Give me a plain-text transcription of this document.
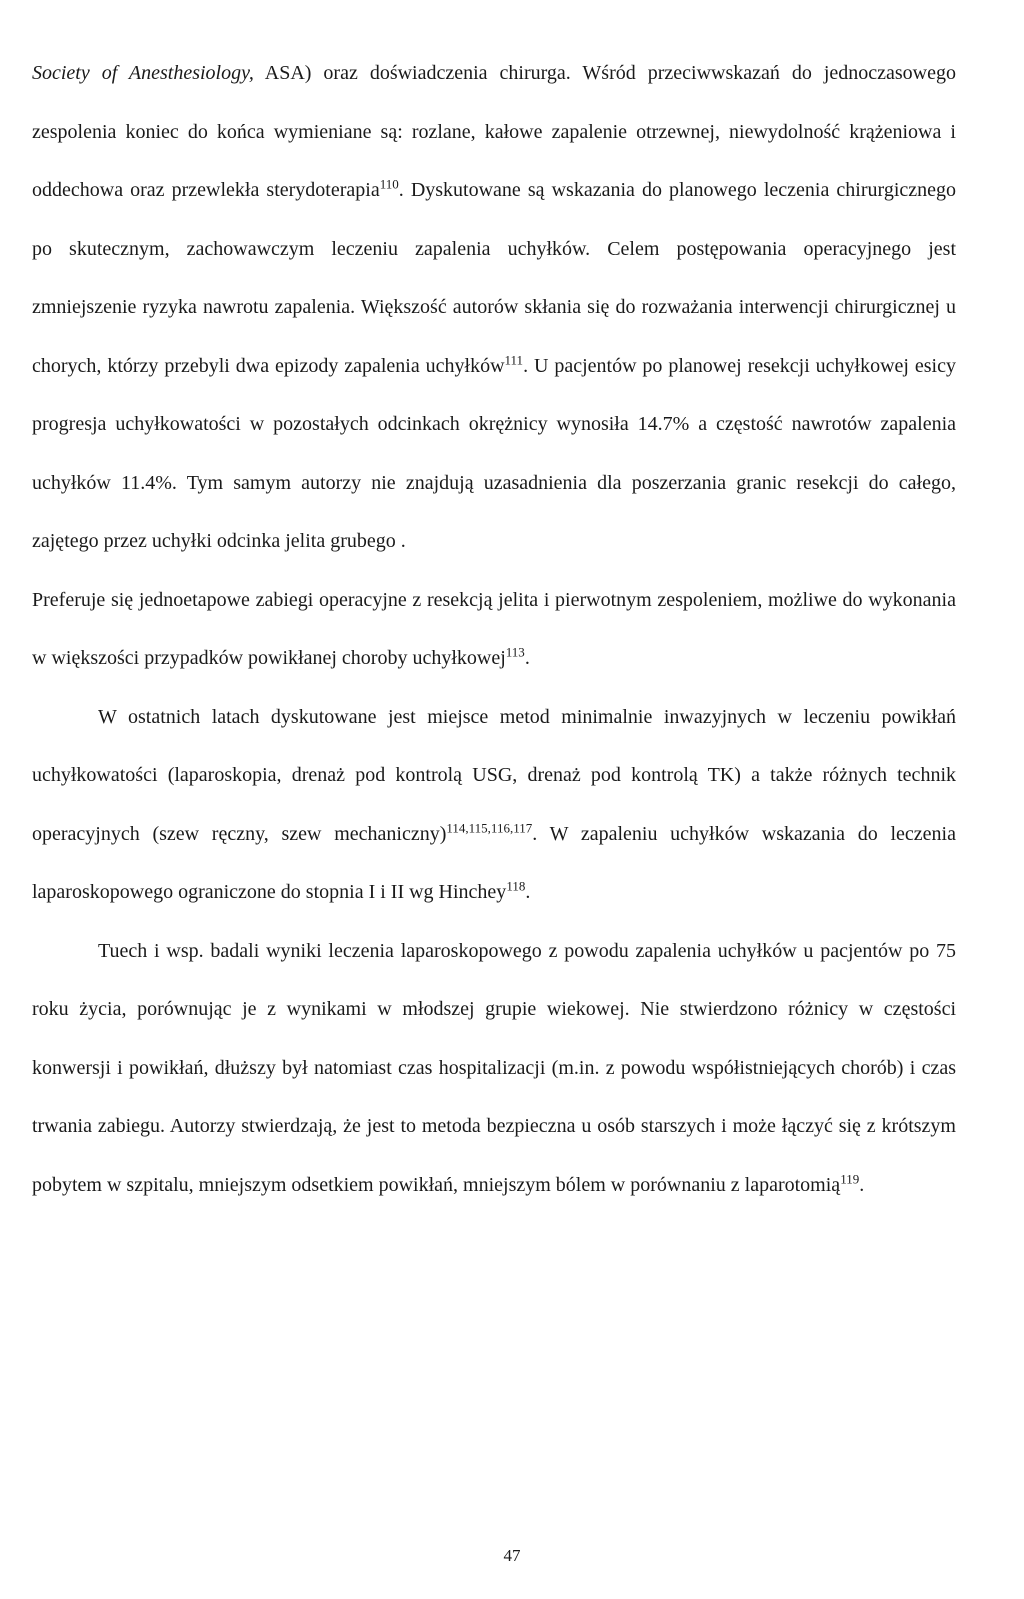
Society of Anesthesiology, ASA) oraz doświadczenia chirurga. Wśród przeciwwskazań do jednoczasowego zespolenia koniec do końca wymieniane są: rozlane, kałowe zapalenie otrzewnej, niewydolność krążeniowa i oddechowa oraz przewlekła sterydoterapia$^{110}$. Dyskutowane są wskazania do planowego leczenia chirurgicznego po skutecznym, zachowawczym leczeniu zapalenia uchyłków. Celem postępowania operacyjnego jest zmniejszenie ryzyka nawrotu zapalenia. Większość autorów skłania się do rozważania interwencji chirurgicznej u chorych, którzy przebyli dwa epizody zapalenia uchyłków$^{111}$. U pacjentów po planowej resekcji uchyłkowej esicy progresja uchyłkowatości w pozostałych odcinkach okrężnicy wynosiła 14.7% a częstość nawrotów zapalenia uchyłków 11.4%. Tym samym autorzy nie znajdują uzasadnienia dla poszerzania granic resekcji do całego, zajętego przez uchyłki odcinka jelita grubego .

Preferuje się jednoetapowe zabiegi operacyjne z resekcją jelita i pierwotnym zespoleniem, możliwe do wykonania w większości przypadków powikłanej choroby uchyłkowej$^{113}$.

W ostatnich latach dyskutowane jest miejsce metod minimalnie inwazyjnych w leczeniu powikłań uchyłkowatości (laparoskopia, drenaż pod kontrolą USG, drenaż pod kontrolą TK) a także różnych technik operacyjnych (szew ręczny, szew mechaniczny)$^{114,115,116,117}$. W zapaleniu uchyłków wskazania do leczenia laparoskopowego ograniczone do stopnia I i II wg Hinchey$^{118}$.

Tuech i wsp. badali wyniki leczenia laparoskopowego z powodu zapalenia uchyłków u pacjentów po 75 roku życia, porównując je z wynikami w młodszej grupie wiekowej. Nie stwierdzono różnicy w częstości konwersji i powikłań, dłuższy był natomiast czas hospitalizacji (m.in. z powodu współistniejących chorób) i czas trwania zabiegu. Autorzy stwierdzają, że jest to metoda bezpieczna u osób starszych i może łączyć się z krótszym pobytem w szpitalu, mniejszym odsetkiem powikłań, mniejszym bólem w porównaniu z laparotomią$^{119}$.

47
